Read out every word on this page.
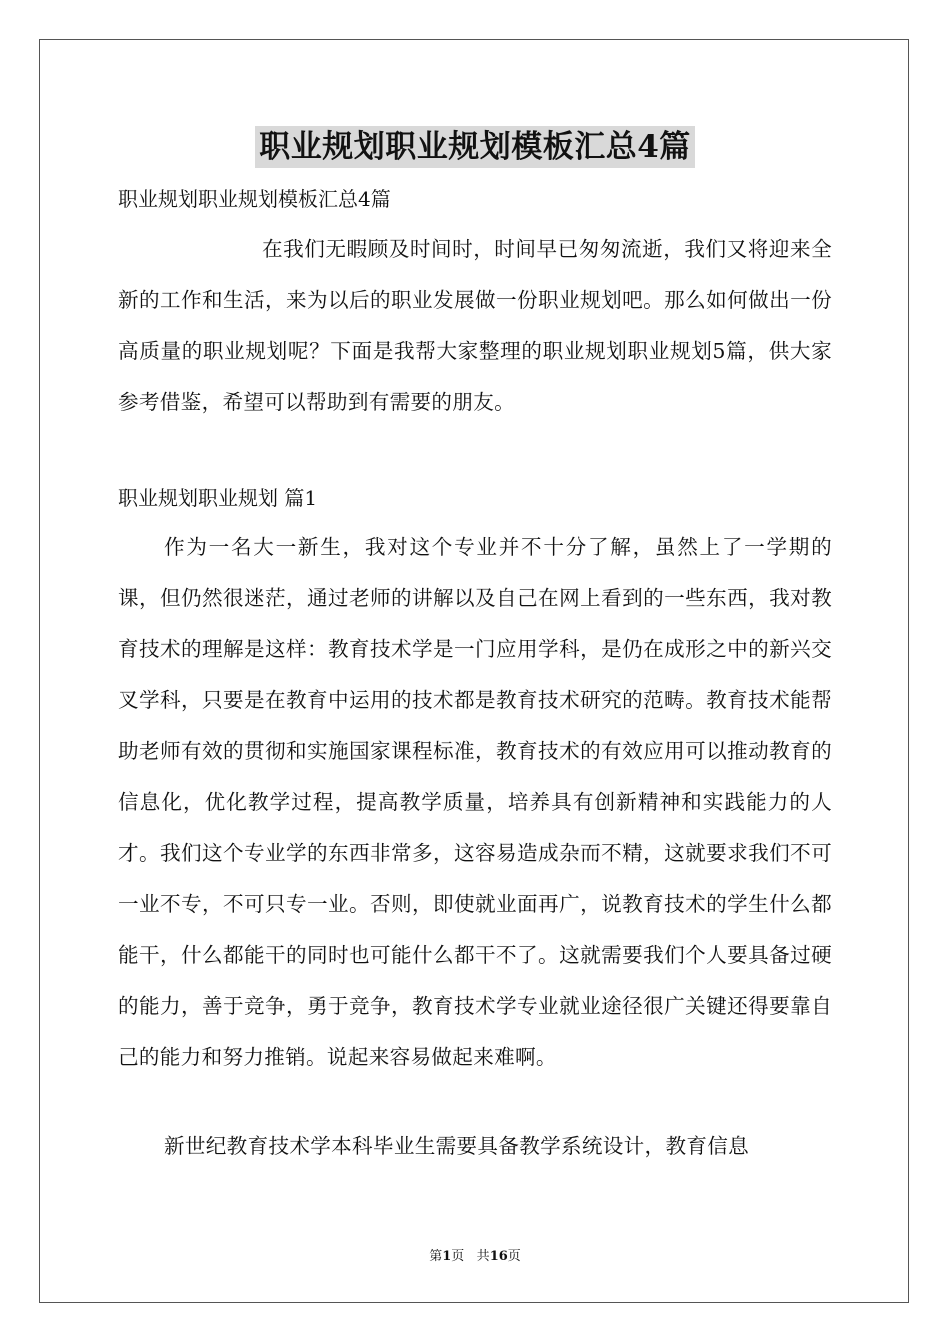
职业规划职业规划模板汇总4篇
职业规划职业规划模板汇总4篇

在我们无暇顾及时间时，时间早已匆匆流逝，我们又将迎来全新的工作和生活，来为以后的职业发展做一份职业规划吧。那么如何做出一份高质量的职业规划呢？下面是我帮大家整理的职业规划职业规划5篇，供大家参考借鉴，希望可以帮助到有需要的朋友。

职业规划职业规划 篇1

作为一名大一新生，我对这个专业并不十分了解，虽然上了一学期的课，但仍然很迷茫，通过老师的讲解以及自己在网上看到的一些东西，我对教育技术的理解是这样：教育技术学是一门应用学科，是仍在成形之中的新兴交叉学科，只要是在教育中运用的技术都是教育技术研究的范畴。教育技术能帮助老师有效的贯彻和实施国家课程标准，教育技术的有效应用可以推动教育的信息化，优化教学过程，提高教学质量，培养具有创新精神和实践能力的人才。我们这个专业学的东西非常多，这容易造成杂而不精，这就要求我们不可一业不专，不可只专一业。否则，即使就业面再广，说教育技术的学生什么都能干，什么都能干的同时也可能什么都干不了。这就需要我们个人要具备过硬的能力，善于竞争，勇于竞争，教育技术学专业就业途径很广关键还得要靠自己的能力和努力推销。说起来容易做起来难啊。

新世纪教育技术学本科毕业生需要具备教学系统设计，教育信息

第1页 共16页
